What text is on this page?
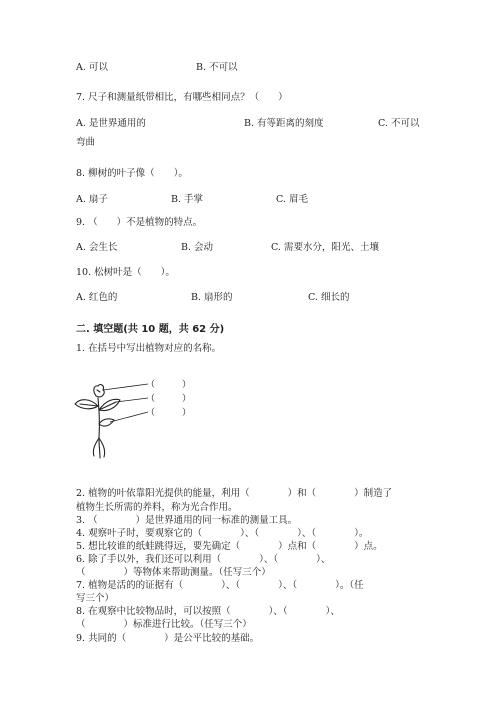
A. 可以	B. 不可以
7. 尺子和测量纸带相比，有哪些相同点？（　　）
A. 是世界通用的	B. 有等距离的刻度	C. 不可以
弯曲
8. 柳树的叶子像（　　）。
A. 扇子	B. 手掌	C. 眉毛
9. （　　）不是植物的特点。
A. 会生长	B. 会动	C. 需要水分，阳光、土壤
10. 松树叶是（　　）。
A. 红色的	B. 扇形的	C. 细长的
二. 填空题(共 10 题，共 62 分)
1. 在括号中写出植物对应的名称。
（　　　）
（　　　）
（　　　）
2. 植物的叶依靠阳光提供的能量，利用（　　　　）和（　　　　）制造了
植物生长所需的养料，称为光合作用。
3. （　　　　）是世界通用的同一标准的测量工具。
4. 观察叶子时，要观察它的（　　　　）、（　　　　）、（　　　　）。
5. 想比较谁的纸蛙跳得远，要先确定（　　　　）点和（　　　　）点。
6. 除了手以外，我们还可以利用（　　　　）、（　　　　）、
（　　　　）等物体来帮助测量。（任写三个）
7. 植物是活的的证据有（　　　　）、（　　　　）、（　　　　）。（任
写三个）
8. 在观察中比较物品时，可以按照（　　　　）、（　　　　）、
（　　　　）标准进行比较。（任写三个）
9. 共同的（　　　　）是公平比较的基础。
